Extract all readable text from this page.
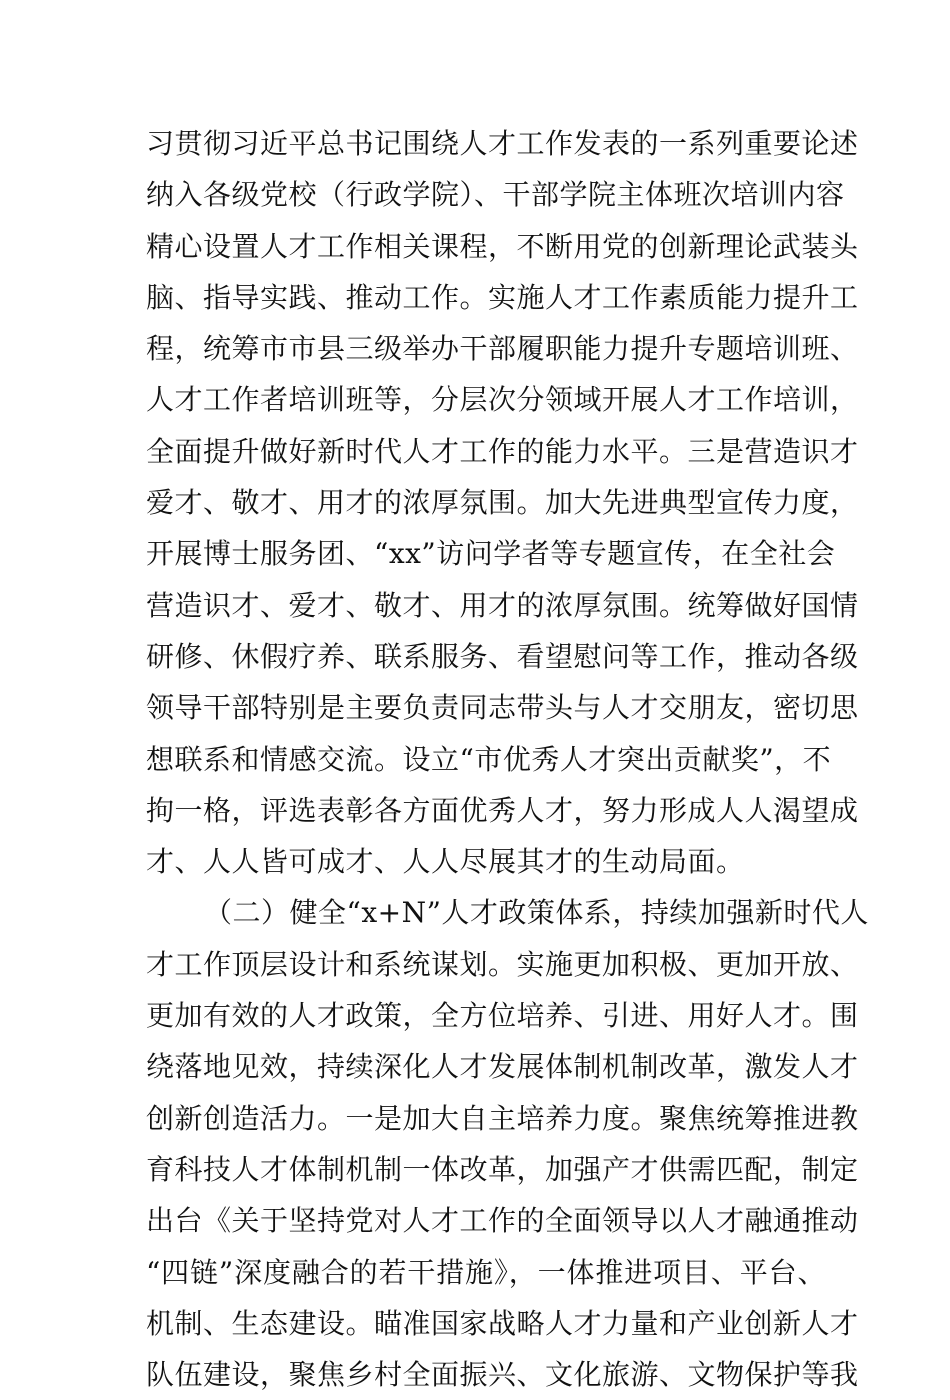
习贯彻习近平总书记围绕人才工作发表的一系列重要论述
纳入各级党校（行政学院）、干部学院主体班次培训内容
精心设置人才工作相关课程，不断用党的创新理论武装头
脑、指导实践、推动工作。实施人才工作素质能力提升工
程，统筹市市县三级举办干部履职能力提升专题培训班、
人才工作者培训班等，分层次分领域开展人才工作培训，
全面提升做好新时代人才工作的能力水平。三是营造识才
爱才、敬才、用才的浓厚氛围。加大先进典型宣传力度，
开展博士服务团、“xx”访问学者等专题宣传，在全社会
营造识才、爱才、敬才、用才的浓厚氛围。统筹做好国情
研修、休假疗养、联系服务、看望慰问等工作，推动各级
领导干部特别是主要负责同志带头与人才交朋友，密切思
想联系和情感交流。设立“市优秀人才突出贡献奖”，不
拘一格，评选表彰各方面优秀人才，努力形成人人渴望成
才、人人皆可成才、人人尽展其才的生动局面。
（二）健全“x+N”人才政策体系，持续加强新时代人
才工作顶层设计和系统谋划。实施更加积极、更加开放、
更加有效的人才政策，全方位培养、引进、用好人才。围
绕落地见效，持续深化人才发展体制机制改革，激发人才
创新创造活力。一是加大自主培养力度。聚焦统筹推进教
育科技人才体制机制一体改革，加强产才供需匹配，制定
出台《关于坚持党对人才工作的全面领导以人才融通推动
“四链”深度融合的若干措施》，一体推进项目、平台、
机制、生态建设。瞄准国家战略人才力量和产业创新人才
队伍建设，聚焦乡村全面振兴、文化旅游、文物保护等我
